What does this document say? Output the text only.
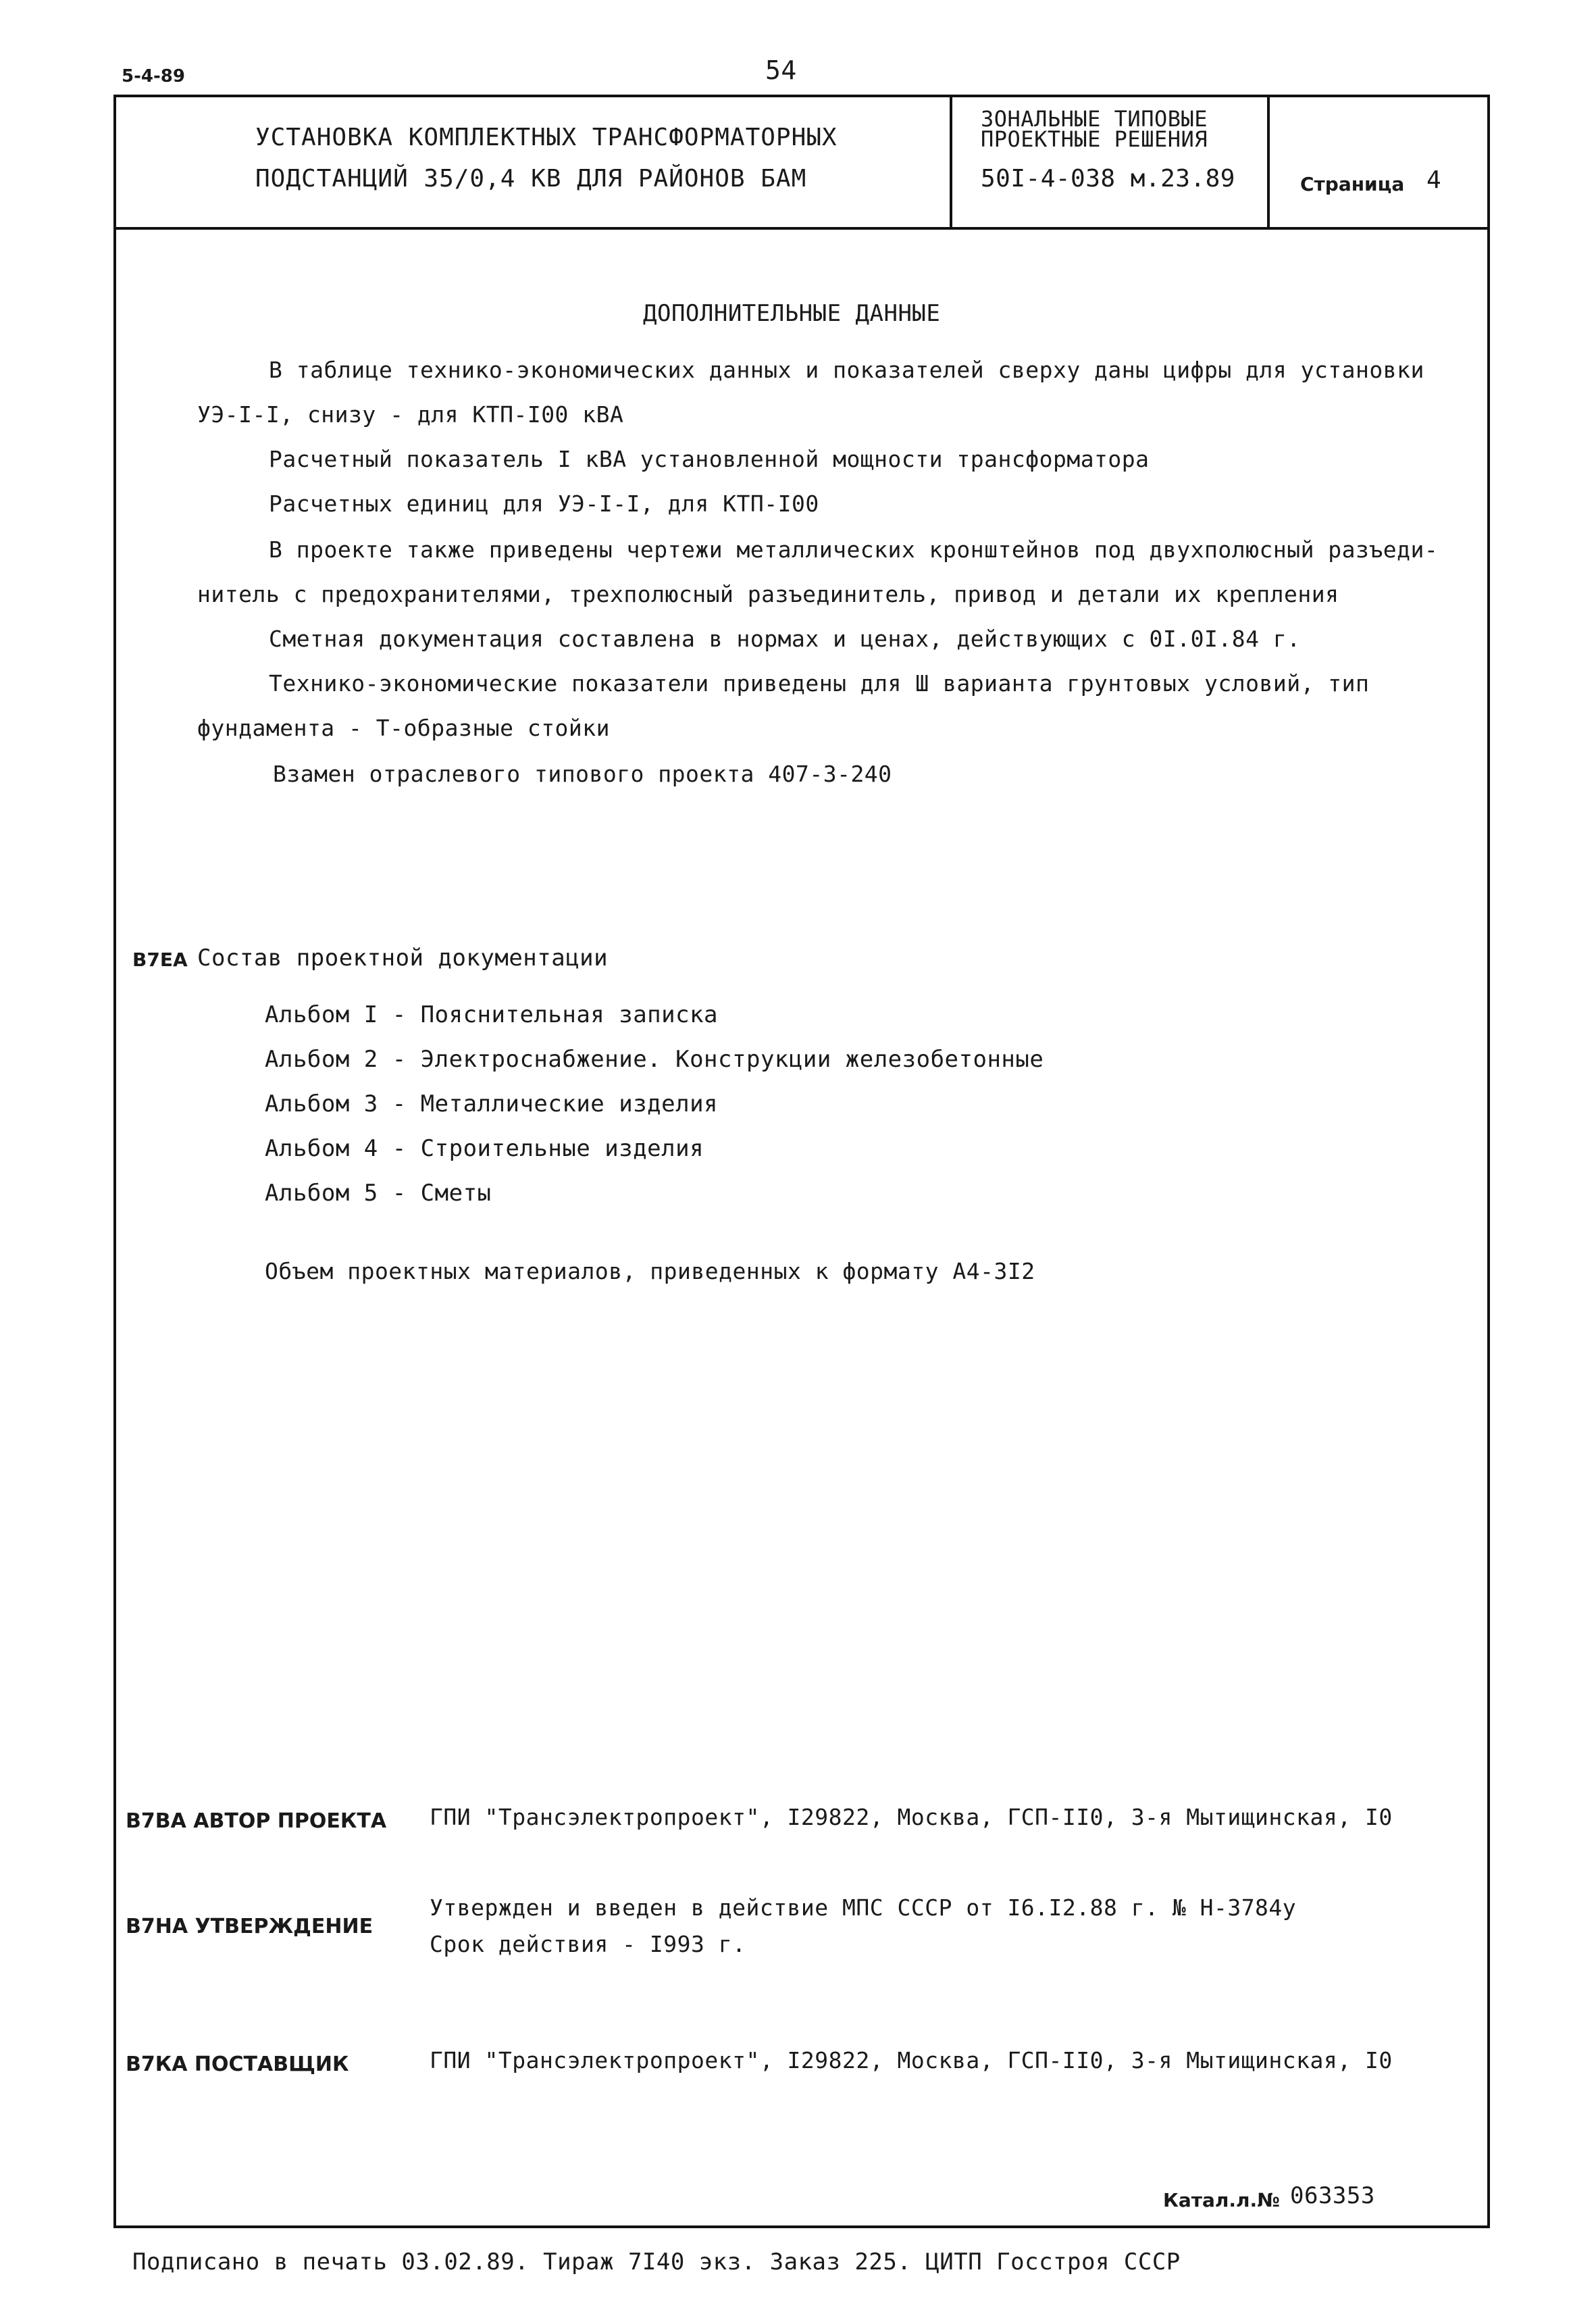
5-4-89	54
УСТАНОВКА КОМПЛЕКТНЫХ ТРАНСФОРМАТОРНЫХ
ПОДСТАНЦИЙ 35/0,4 КВ ДЛЯ РАЙОНОВ БАМ
ЗОНАЛЬНЫЕ ТИПОВЫЕ
ПРОЕКТНЫЕ РЕШЕНИЯ
50I-4-038 м.23.89	Страница 4
ДОПОЛНИТЕЛЬНЫЕ ДАННЫЕ
В таблице технико-экономических данных и показателей сверху даны цифры для установки
УЭ-I-I, снизу - для КТП-I00 кВА
Расчетный показатель I кВА установленной мощности трансформатора
Расчетных единиц для УЭ-I-I, для КТП-I00
В проекте также приведены чертежи металлических кронштейнов под двухполюсный разъеди-
нитель с предохранителями, трехполюсный разъединитель, привод и детали их крепления
Сметная документация составлена в нормах и ценах, действующих с 0I.0I.84 г.
Технико-экономические показатели приведены для Ш варианта грунтовых условий, тип
фундамента - Т-образные стойки
Взамен отраслевого типового проекта 407-3-240
В7ЕА Состав проектной документации
Альбом I - Пояснительная записка
Альбом 2 - Электроснабжение. Конструкции железобетонные
Альбом 3 - Металлические изделия
Альбом 4 - Строительные изделия
Альбом 5 - Сметы
Объем проектных материалов, приведенных к формату А4-3I2
В7ВА АВТОР ПРОЕКТА ГПИ "Трансэлектропроект", I29822, Москва, ГСП-II0, 3-я Мытищинская, I0
В7НА УТВЕРЖДЕНИЕ
Утвержден и введен в действие МПС СССР от I6.I2.88 г. № Н-3784у
Срок действия - I993 г.
В7КА ПОСТАВЩИК	ГПИ "Трансэлектропроект", I29822, Москва, ГСП-II0, 3-я Мытищинская, I0
Катал.л.№ 063353
Подписано в печать 03.02.89. Тираж 7I40 экз. Заказ 225. ЦИТП Госстроя СССР
